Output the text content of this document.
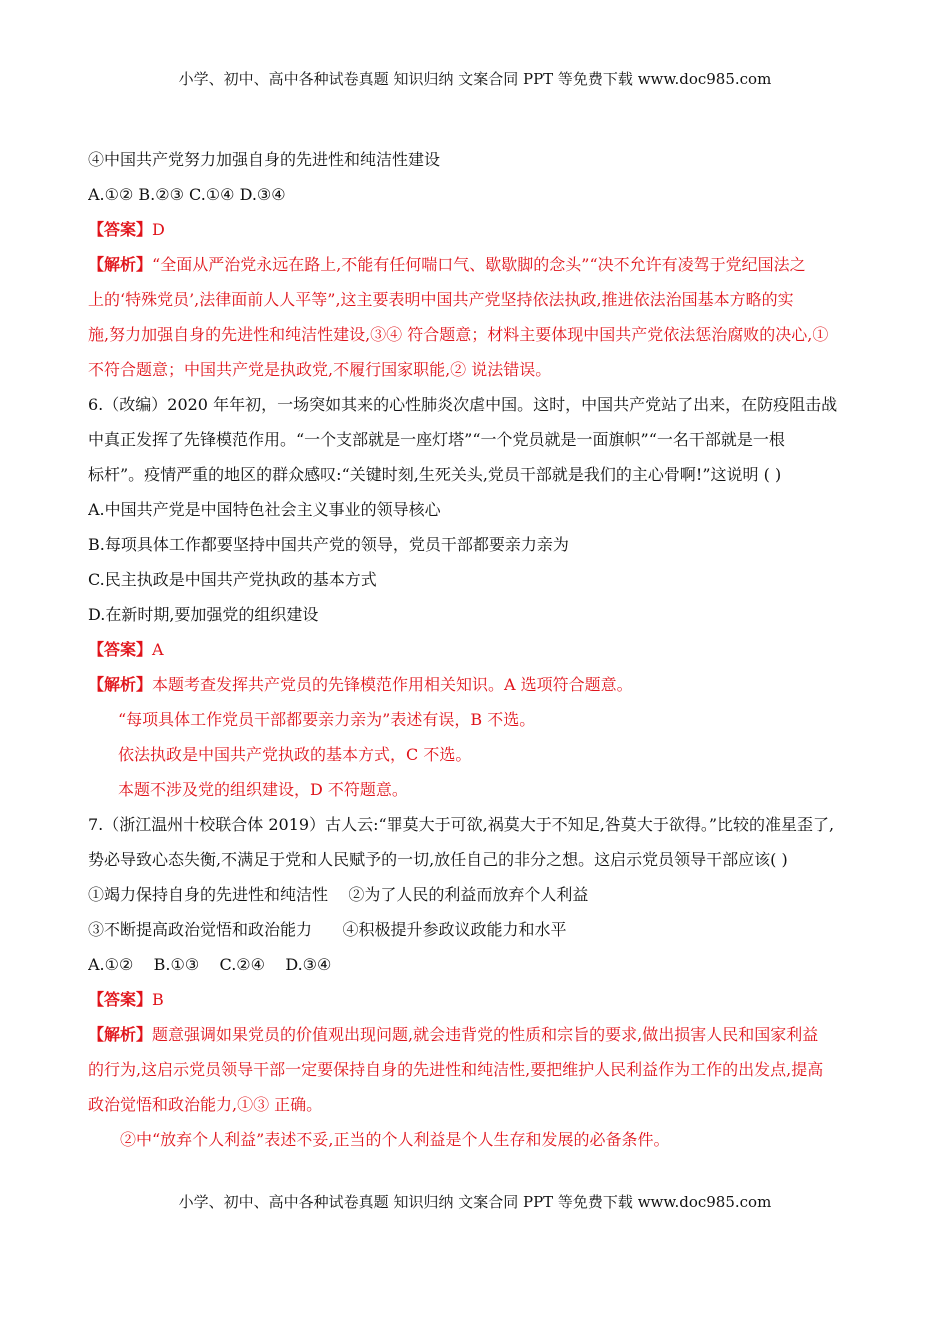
小学、初中、高中各种试卷真题 知识归纳 文案合同 PPT 等免费下载 www.doc985.com
④中国共产党努力加强自身的先进性和纯洁性建设
A.①② B.②③ C.①④ D.③④
【答案】D
【解析】“全面从严治党永远在路上,不能有任何喘口气、歇歇脚的念头”“决不允许有凌驾于党纪国法之
上的‘特殊党员’,法律面前人人平等”,这主要表明中国共产党坚持依法执政,推进依法治国基本方略的实
施,努力加强自身的先进性和纯洁性建设,③④ 符合题意；材料主要体现中国共产党依法惩治腐败的决心,①
不符合题意；中国共产党是执政党,不履行国家职能,② 说法错误。
6.（改编）2020 年年初，一场突如其来的心性肺炎次虐中国。这时，中国共产党站了出来，在防疫阻击战
中真正发挥了先锋模范作用。“一个支部就是一座灯塔”“一个党员就是一面旗帜”“一名干部就是一根
标杆”。疫情严重的地区的群众感叹:“关键时刻,生死关头,党员干部就是我们的主心骨啊!”这说明 ( )
A.中国共产党是中国特色社会主义事业的领导核心
B.每项具体工作都要坚持中国共产党的领导，党员干部都要亲力亲为
C.民主执政是中国共产党执政的基本方式
D.在新时期,要加强党的组织建设
【答案】A
【解析】本题考查发挥共产党员的先锋模范作用相关知识。A 选项符合题意。
“每项具体工作党员干部都要亲力亲为”表述有误，B 不选。
依法执政是中国共产党执政的基本方式，C 不选。
本题不涉及党的组织建设，D 不符题意。
7.（浙江温州十校联合体 2019）古人云:“罪莫大于可欲,祸莫大于不知足,咎莫大于欲得。”比较的准星歪了,
势必导致心态失衡,不满足于党和人民赋予的一切,放任自己的非分之想。这启示党员领导干部应该( )
①竭力保持自身的先进性和纯洁性    ②为了人民的利益而放弃个人利益
③不断提高政治觉悟和政治能力      ④积极提升参政议政能力和水平
A.①②    B.①③    C.②④    D.③④
【答案】B
【解析】题意强调如果党员的价值观出现问题,就会违背党的性质和宗旨的要求,做出损害人民和国家利益
的行为,这启示党员领导干部一定要保持自身的先进性和纯洁性,要把维护人民利益作为工作的出发点,提高
政治觉悟和政治能力,①③ 正确。
②中“放弃个人利益”表述不妥,正当的个人利益是个人生存和发展的必备条件。
小学、初中、高中各种试卷真题 知识归纳 文案合同 PPT 等免费下载 www.doc985.com
